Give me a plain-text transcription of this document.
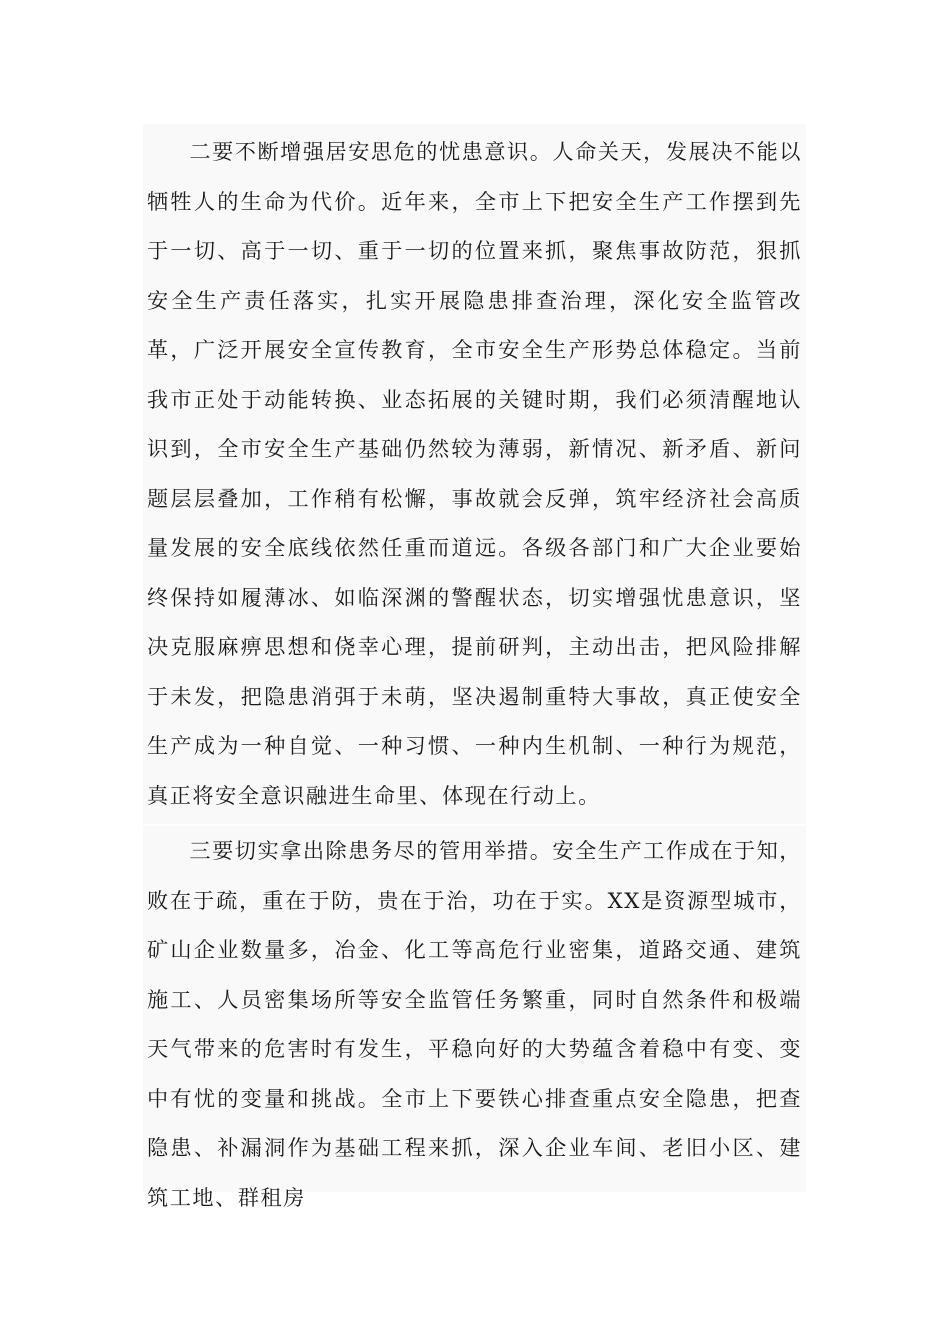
二要不断增强居安思危的忧患意识。人命关天，发展决不能以牺牲人的生命为代价。近年来，全市上下把安全生产工作摆到先于一切、高于一切、重于一切的位置来抓，聚焦事故防范，狠抓安全生产责任落实，扎实开展隐患排查治理，深化安全监管改革，广泛开展安全宣传教育，全市安全生产形势总体稳定。当前我市正处于动能转换、业态拓展的关键时期，我们必须清醒地认识到，全市安全生产基础仍然较为薄弱，新情况、新矛盾、新问题层层叠加，工作稍有松懈，事故就会反弹，筑牢经济社会高质量发展的安全底线依然任重而道远。各级各部门和广大企业要始终保持如履薄冰、如临深渊的警醒状态，切实增强忧患意识，坚决克服麻痹思想和侥幸心理，提前研判，主动出击，把风险排解于未发，把隐患消弭于未萌，坚决遏制重特大事故，真正使安全生产成为一种自觉、一种习惯、一种内生机制、一种行为规范，真正将安全意识融进生命里、体现在行动上。

三要切实拿出除患务尽的管用举措。安全生产工作成在于知，败在于疏，重在于防，贵在于治，功在于实。XX是资源型城市，矿山企业数量多，冶金、化工等高危行业密集，道路交通、建筑施工、人员密集场所等安全监管任务繁重，同时自然条件和极端天气带来的危害时有发生，平稳向好的大势蕴含着稳中有变、变中有忧的变量和挑战。全市上下要铁心排查重点安全隐患，把查隐患、补漏洞作为基础工程来抓，深入企业车间、老旧小区、建筑工地、群租房
